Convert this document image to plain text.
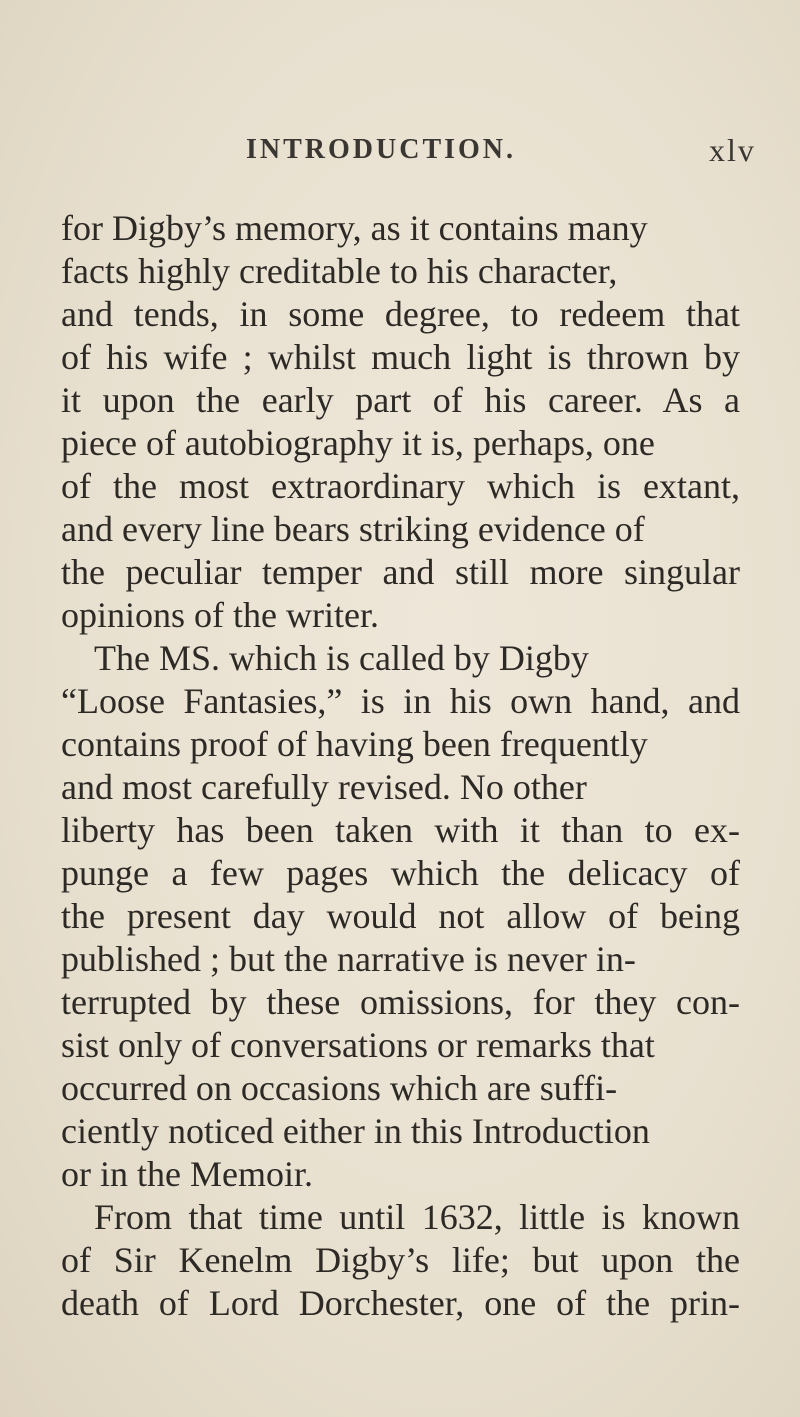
INTRODUCTION.	xlv
for Digby’s memory, as it contains many
facts highly creditable to his character,
and tends, in some degree, to redeem that
of his wife ; whilst much light is thrown by
it upon the early part of his career. As a
piece of autobiography it is, perhaps, one
of the most extraordinary which is extant,
and every line bears striking evidence of
the peculiar temper and still more singular
opinions of the writer.
The MS. which is called by Digby
“Loose Fantasies,” is in his own hand, and
contains proof of having been frequently
and most carefully revised. No other
liberty has been taken with it than to ex-
punge a few pages which the delicacy of
the present day would not allow of being
published ; but the narrative is never in-
terrupted by these omissions, for they con-
sist only of conversations or remarks that
occurred on occasions which are suffi-
ciently noticed either in this Introduction
or in the Memoir.
From that time until 1632, little is known
of Sir Kenelm Digby’s life; but upon the
death of Lord Dorchester, one of the prin-
